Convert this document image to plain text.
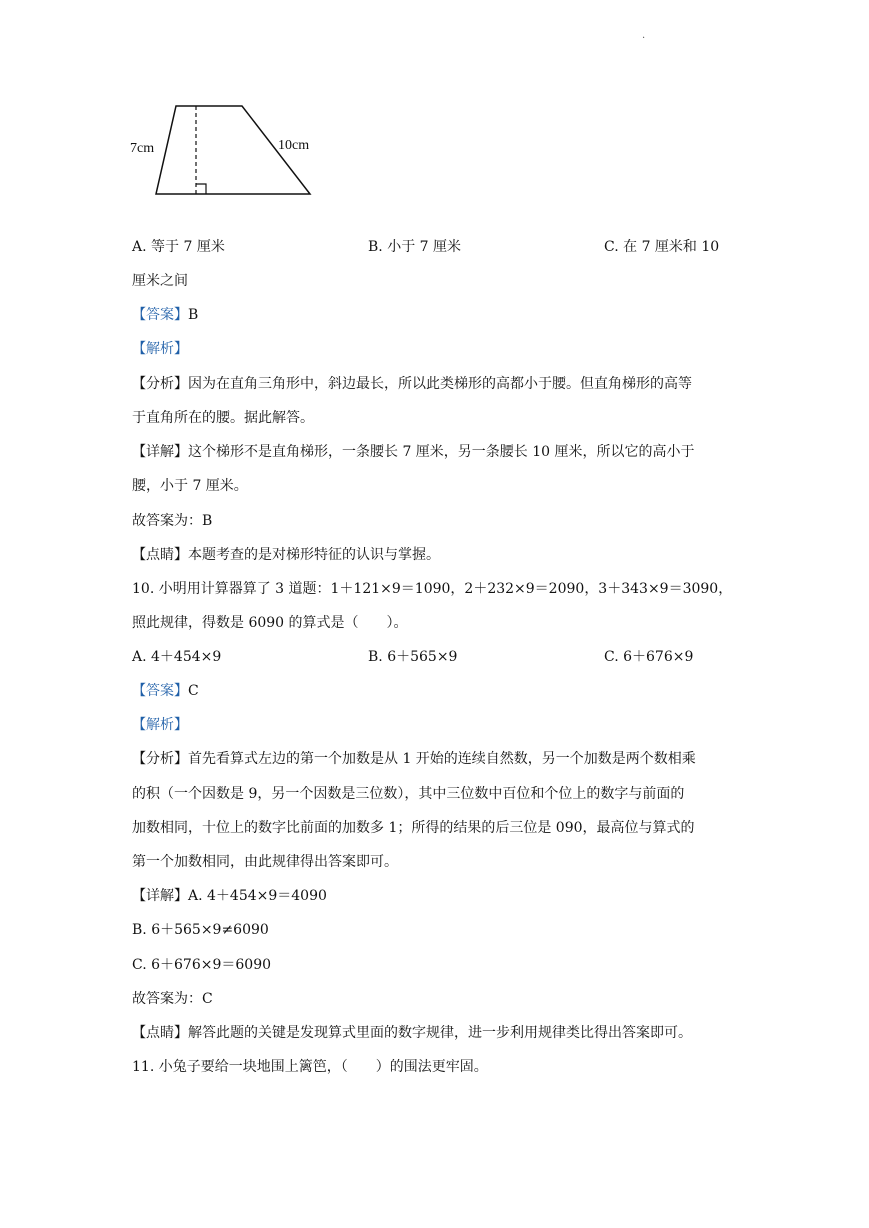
.
7cm	10cm
A. 等于 7 厘米	B. 小于 7 厘米	C. 在 7 厘米和 10
厘米之间
【答案】B
【解析】
【分析】因为在直角三角形中，斜边最长，所以此类梯形的高都小于腰。但直角梯形的高等
于直角所在的腰。据此解答。
【详解】这个梯形不是直角梯形，一条腰长 7 厘米，另一条腰长 10 厘米，所以它的高小于
腰，小于 7 厘米。
故答案为：B
【点睛】本题考查的是对梯形特征的认识与掌握。
10. 小明用计算器算了 3 道题：1＋121×9＝1090，2＋232×9＝2090，3＋343×9＝3090，
照此规律，得数是 6090 的算式是（　　）。
A. 4＋454×9	B. 6＋565×9	C. 6＋676×9
【答案】C
【解析】
【分析】首先看算式左边的第一个加数是从 1 开始的连续自然数，另一个加数是两个数相乘
的积（一个因数是 9，另一个因数是三位数），其中三位数中百位和个位上的数字与前面的
加数相同，十位上的数字比前面的加数多 1；所得的结果的后三位是 090，最高位与算式的
第一个加数相同，由此规律得出答案即可。
【详解】A. 4＋454×9＝4090
B. 6＋565×9≠6090
C. 6＋676×9＝6090
故答案为：C
【点睛】解答此题的关键是发现算式里面的数字规律，进一步利用规律类比得出答案即可。
11. 小兔子要给一块地围上篱笆，（　　）的围法更牢固。
